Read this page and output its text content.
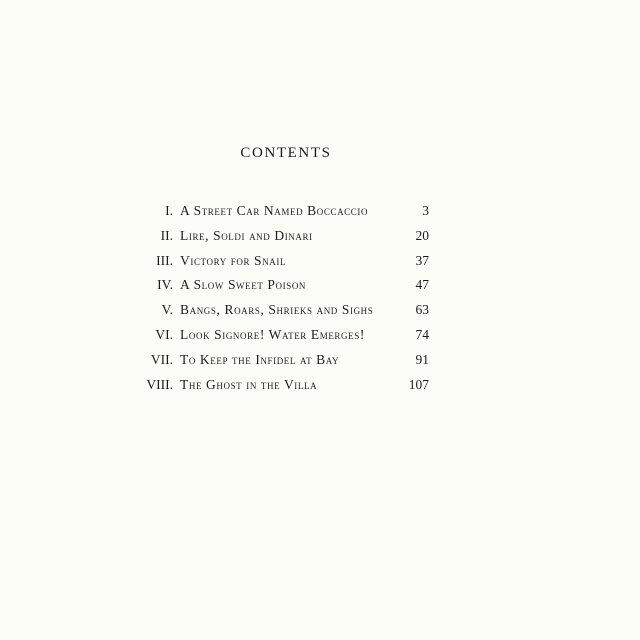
CONTENTS
I. A Street Car Named Boccaccio	3
II. Lire, Soldi and Dinari	20
III. Victory for Snail	37
IV. A Slow Sweet Poison	47
V. Bangs, Roars, Shrieks and Sighs	63
VI. Look Signore! Water Emerges!	74
VII. To Keep the Infidel at Bay	91
VIII. The Ghost in the Villa	107
